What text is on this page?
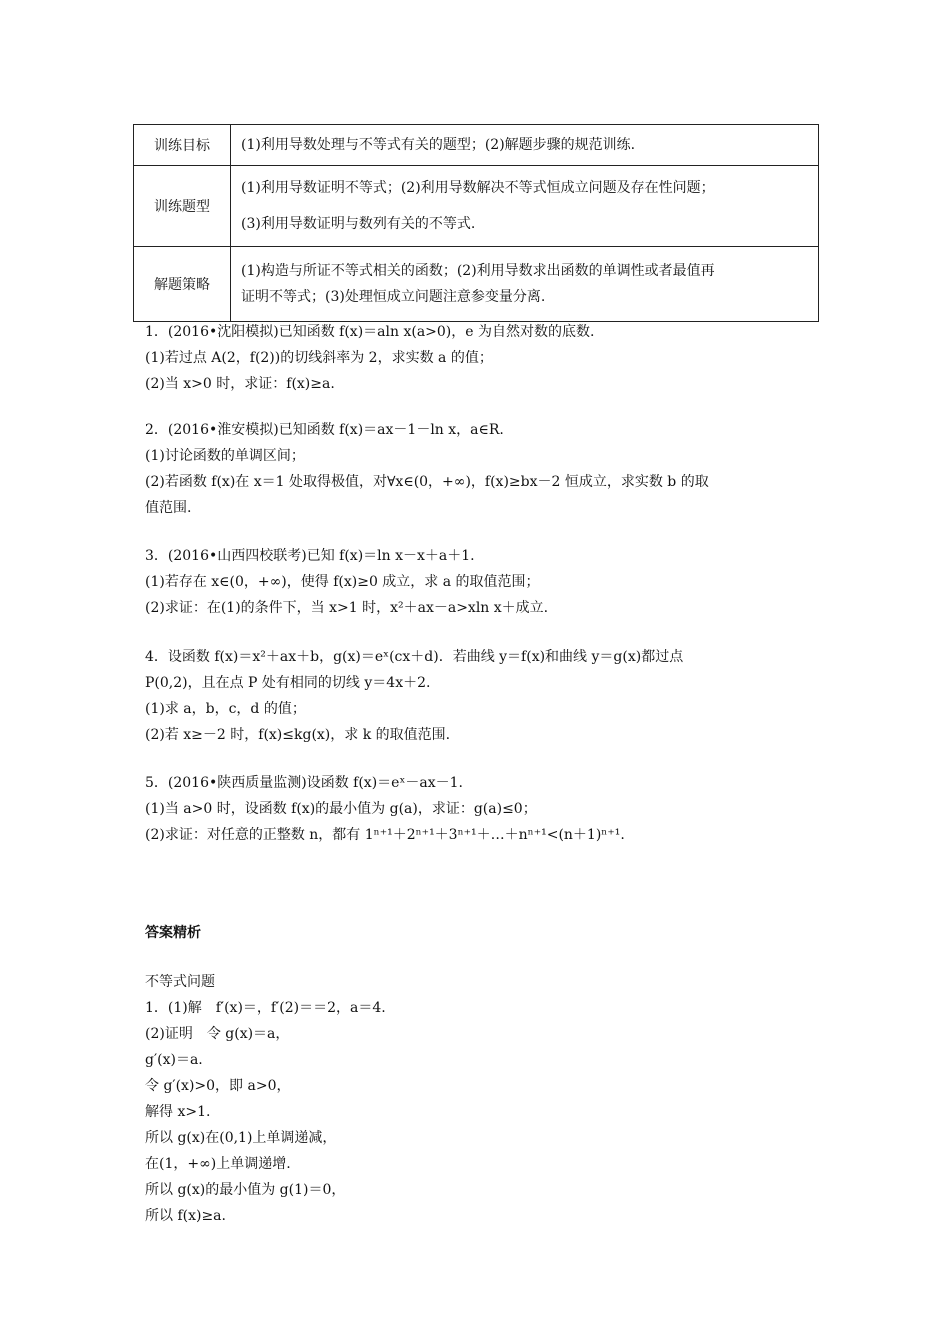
训练目标	(1)利用导数处理与不等式有关的题型；(2)解题步骤的规范训练.

训练题型	(1)利用导数证明不等式；(2)利用导数解决不等式恒成立问题及存在性问题；
(3)利用导数证明与数列有关的不等式.

解题策略	(1)构造与所证不等式相关的函数；(2)利用导数求出函数的单调性或者最值再
证明不等式；(3)处理恒成立问题注意参变量分离.
1．(2016•沈阳模拟)已知函数 f(x)＝aln x(a>0)，e 为自然对数的底数.
(1)若过点 A(2，f(2))的切线斜率为 2，求实数 a 的值；
(2)当 x>0 时，求证：f(x)≥a.
2．(2016•淮安模拟)已知函数 f(x)＝ax－1－ln x，a∈R.
(1)讨论函数的单调区间；
(2)若函数 f(x)在 x＝1 处取得极值，对∀x∈(0，+∞)，f(x)≥bx－2 恒成立，求实数 b 的取
值范围.
3．(2016•山西四校联考)已知 f(x)＝ln x－x＋a＋1.
(1)若存在 x∈(0，+∞)，使得 f(x)≥0 成立，求 a 的取值范围；
(2)求证：在(1)的条件下，当 x>1 时，x²＋ax－a>xln x＋成立.
4．设函数 f(x)＝x²＋ax＋b，g(x)＝eˣ(cx＋d)．若曲线 y＝f(x)和曲线 y＝g(x)都过点
P(0,2)，且在点 P 处有相同的切线 y＝4x＋2.
(1)求 a，b，c，d 的值；
(2)若 x≥－2 时，f(x)≤kg(x)，求 k 的取值范围.
5．(2016•陕西质量监测)设函数 f(x)＝eˣ－ax－1.
(1)当 a>0 时，设函数 f(x)的最小值为 g(a)，求证：g(a)≤0；
(2)求证：对任意的正整数 n，都有 1ⁿ⁺¹＋2ⁿ⁺¹＋3ⁿ⁺¹＋…＋nⁿ⁺¹<(n＋1)ⁿ⁺¹.
答案精析
不等式问题
1．(1)解　f′(x)＝，f′(2)＝＝2，a＝4.
(2)证明　令 g(x)＝a，
g′(x)＝a.
令 g′(x)>0，即 a>0，
解得 x>1.
所以 g(x)在(0,1)上单调递减，
在(1，+∞)上单调递增.
所以 g(x)的最小值为 g(1)＝0，
所以 f(x)≥a.
